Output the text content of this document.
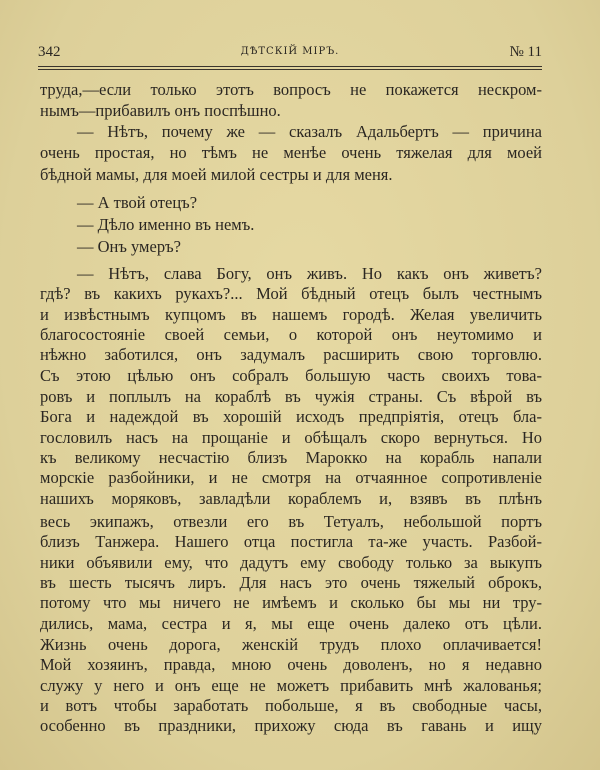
342	ДѢТСКІЙ МІРЪ.	№ 11
труда,—если только этотъ вопросъ не покажется нескром-
нымъ—прибавилъ онъ поспѣшно.
— Нѣтъ, почему же — сказалъ Адальбертъ — причина
очень простая, но тѣмъ не менѣе очень тяжелая для моей
бѣдной мамы, для моей милой сестры и для меня.
— А твой отецъ?
— Дѣло именно въ немъ.
— Онъ умеръ?
— Нѣтъ, слава Богу, онъ живъ. Но какъ онъ живетъ?
гдѣ? въ какихъ рукахъ?... Мой бѣдный отецъ былъ честнымъ
и извѣстнымъ купцомъ въ нашемъ городѣ. Желая увеличить
благосостояніе своей семьи, о которой онъ неутомимо и
нѣжно заботился, онъ задумалъ расширить свою торговлю.
Съ этою цѣлью онъ собралъ большую часть своихъ това-
ровъ и поплылъ на кораблѣ въ чужія страны. Съ вѣрой въ
Бога и надеждой въ хорошій исходъ предпріятія, отецъ бла-
гословилъ насъ на прощаніе и обѣщалъ скоро вернуться. Но
къ великому несчастію близъ Марокко на корабль напали
морскіе разбойники, и не смотря на отчаянное сопротивленіе
нашихъ моряковъ, завладѣли кораблемъ и, взявъ въ плѣнъ
весь экипажъ, отвезли его въ Тетуалъ, небольшой портъ
близъ Танжера. Нашего отца постигла та-же участь. Разбой-
ники объявили ему, что дадутъ ему свободу только за выкупъ
въ шесть тысячъ лиръ. Для насъ это очень тяжелый оброкъ,
потому что мы ничего не имѣемъ и сколько бы мы ни тру-
дились, мама, сестра и я, мы еще очень далеко отъ цѣли.
Жизнь очень дорога, женскій трудъ плохо оплачивается!
Мой хозяинъ, правда, мною очень доволенъ, но я недавно
служу у него и онъ еще не можетъ прибавить мнѣ жалованья;
и вотъ чтобы заработать побольше, я въ свободные часы,
особенно въ праздники, прихожу сюда въ гавань и ищу
